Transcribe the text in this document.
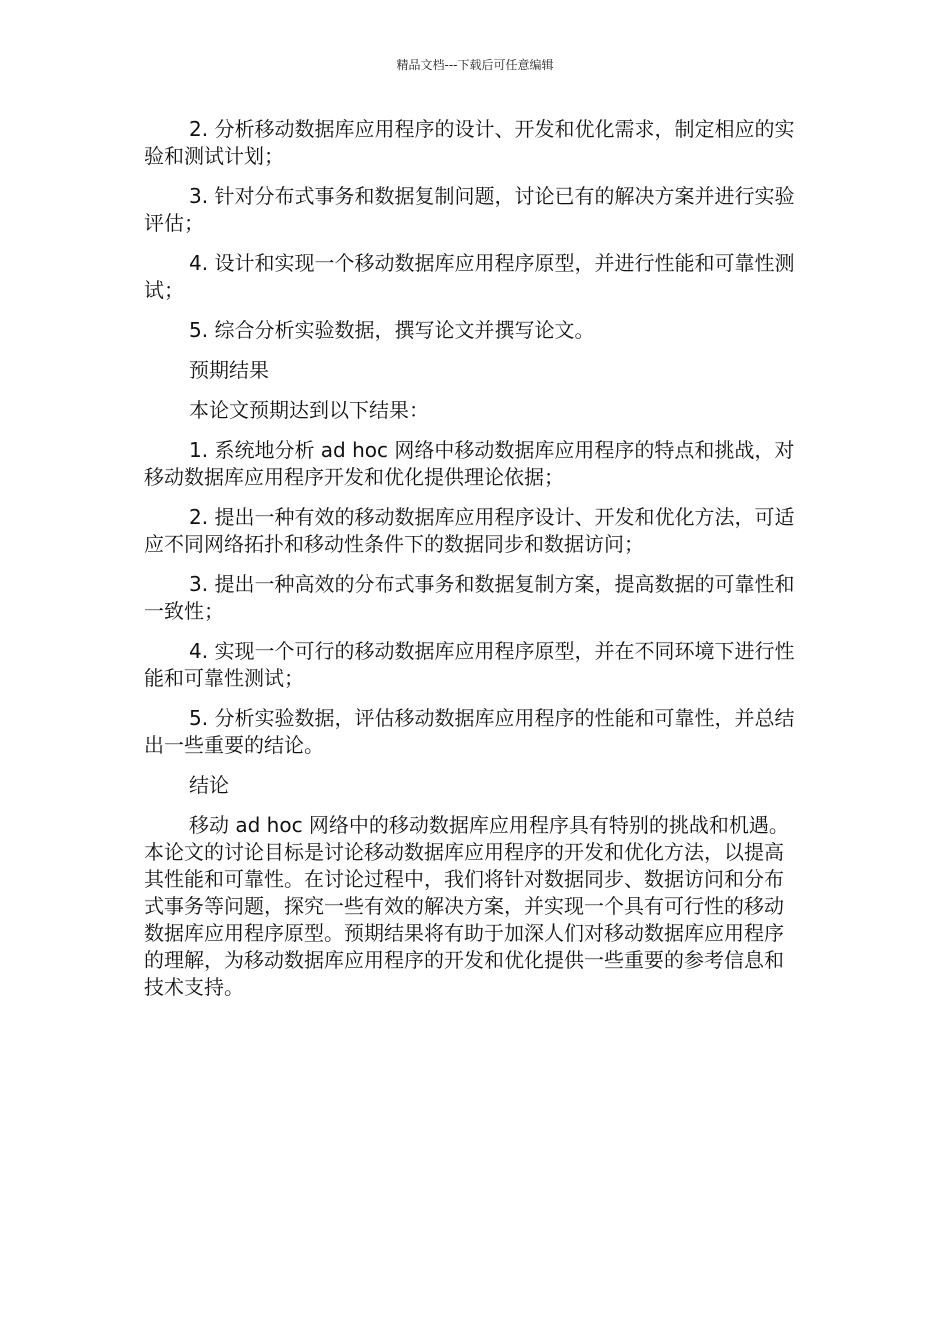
精品文档---下载后可任意编辑

2. 分析移动数据库应用程序的设计、开发和优化需求，制定相应的实验和测试计划；

3. 针对分布式事务和数据复制问题，讨论已有的解决方案并进行实验评估；

4. 设计和实现一个移动数据库应用程序原型，并进行性能和可靠性测试；

5. 综合分析实验数据，撰写论文并撰写论文。

预期结果

本论文预期达到以下结果：

1. 系统地分析 ad hoc 网络中移动数据库应用程序的特点和挑战，对移动数据库应用程序开发和优化提供理论依据；

2. 提出一种有效的移动数据库应用程序设计、开发和优化方法，可适应不同网络拓扑和移动性条件下的数据同步和数据访问；

3. 提出一种高效的分布式事务和数据复制方案，提高数据的可靠性和一致性；

4. 实现一个可行的移动数据库应用程序原型，并在不同环境下进行性能和可靠性测试；

5. 分析实验数据，评估移动数据库应用程序的性能和可靠性，并总结出一些重要的结论。

结论

移动 ad hoc 网络中的移动数据库应用程序具有特别的挑战和机遇。本论文的讨论目标是讨论移动数据库应用程序的开发和优化方法，以提高其性能和可靠性。在讨论过程中，我们将针对数据同步、数据访问和分布式事务等问题，探究一些有效的解决方案，并实现一个具有可行性的移动数据库应用程序原型。预期结果将有助于加深人们对移动数据库应用程序的理解，为移动数据库应用程序的开发和优化提供一些重要的参考信息和技术支持。
